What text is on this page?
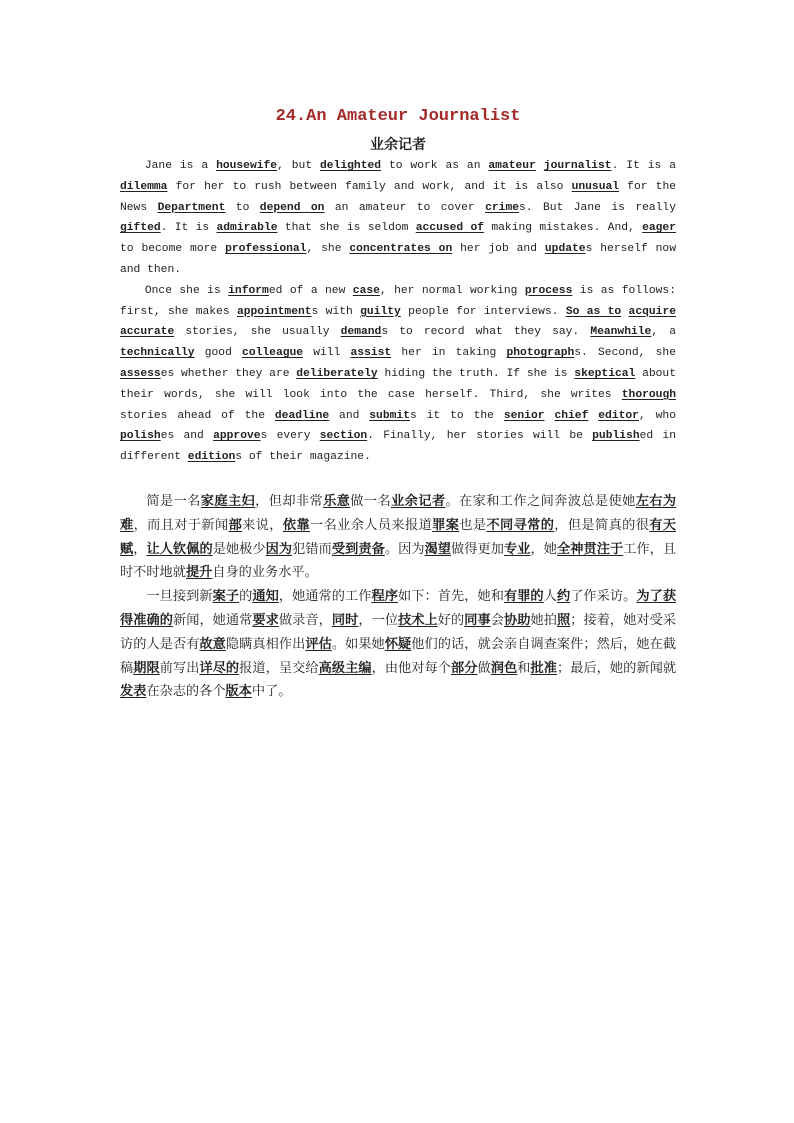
24.An Amateur Journalist
业余记者

Jane is a housewife, but delighted to work as an amateur journalist. It is a dilemma for her to rush between family and work, and it is also unusual for the News Department to depend on an amateur to cover crimes. But Jane is really gifted. It is admirable that she is seldom accused of making mistakes. And, eager to become more professional, she concentrates on her job and updates herself now and then.

Once she is informed of a new case, her normal working process is as follows: first, she makes appointments with guilty people for interviews. So as to acquire accurate stories, she usually demands to record what they say. Meanwhile, a technically good colleague will assist her in taking photographs. Second, she assesses whether they are deliberately hiding the truth. If she is skeptical about their words, she will look into the case herself. Third, she writes thorough stories ahead of the deadline and submits it to the senior chief editor, who polishes and approves every section. Finally, her stories will be published in different editions of their magazine.

简是一名家庭主妇，但却非常乐意做一名业余记者。在家和工作之间奔波总是使她左右为难，而且对于新闻部来说，依靠一名业余人员来报道罪案也是不同寻常的，但是简真的很有天赋，让人钦佩的是她极少因为犯错而受到责备。因为渴望做得更加专业，她全神贯注于工作，且时不时地就提升自身的业务水平。

一旦接到新案子的通知，她通常的工作程序如下：首先，她和有罪的人约了作采访。为了获得准确的新闻，她通常要求做录音，同时，一位技术上好的同事会协助她拍照；接着，她对受采访的人是否有故意隐瞒真相作出评估。如果她怀疑他们的话，就会亲自调查案件；然后，她在截稿期限前写出详尽的报道，呈交给高级主编，由他对每个部分做润色和批准；最后，她的新闻就发表在杂志的各个版本中了。
